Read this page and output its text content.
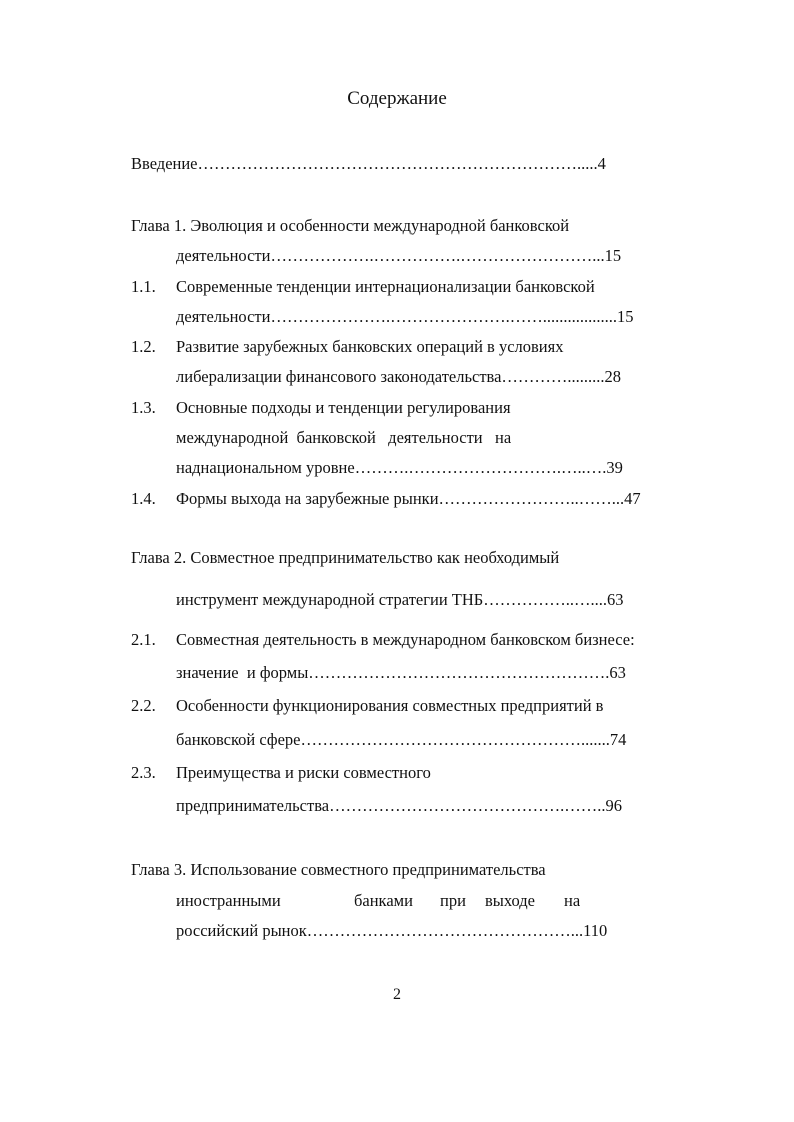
Содержание
Введение…………………………………………………………….....4
Глава 1. Эволюция и особенности международной банковской
деятельности……………….…………….……………………...15
1.1. Современные тенденции интернационализации банковской
деятельности………………….………………….……..................15
1.2. Развитие зарубежных банковских операций в условиях
либерализации финансового законодательства………….........28
1.3. Основные подходы и тенденции регулирования
международной  банковской   деятельности   на
наднациональном уровне……….……………………….…..….39
1.4. Формы выхода на зарубежные рынки……………………..……...47
Глава 2. Совместное предпринимательство как необходимый
инструмент международной стратегии ТНБ……………..…....63
2.1. Совместная деятельность в международном банковском бизнесе:
значение  и формы……………………………………………….63
2.2. Особенности функционирования совместных предприятий в
банковской сфере…………………………………………….......74
2.3. Преимущества и риски совместного
предпринимательства…………………………………….……..96
Глава 3. Использование совместного предпринимательства
иностранными	банками при выходе на
российский рынок…………………………………………...110
2
